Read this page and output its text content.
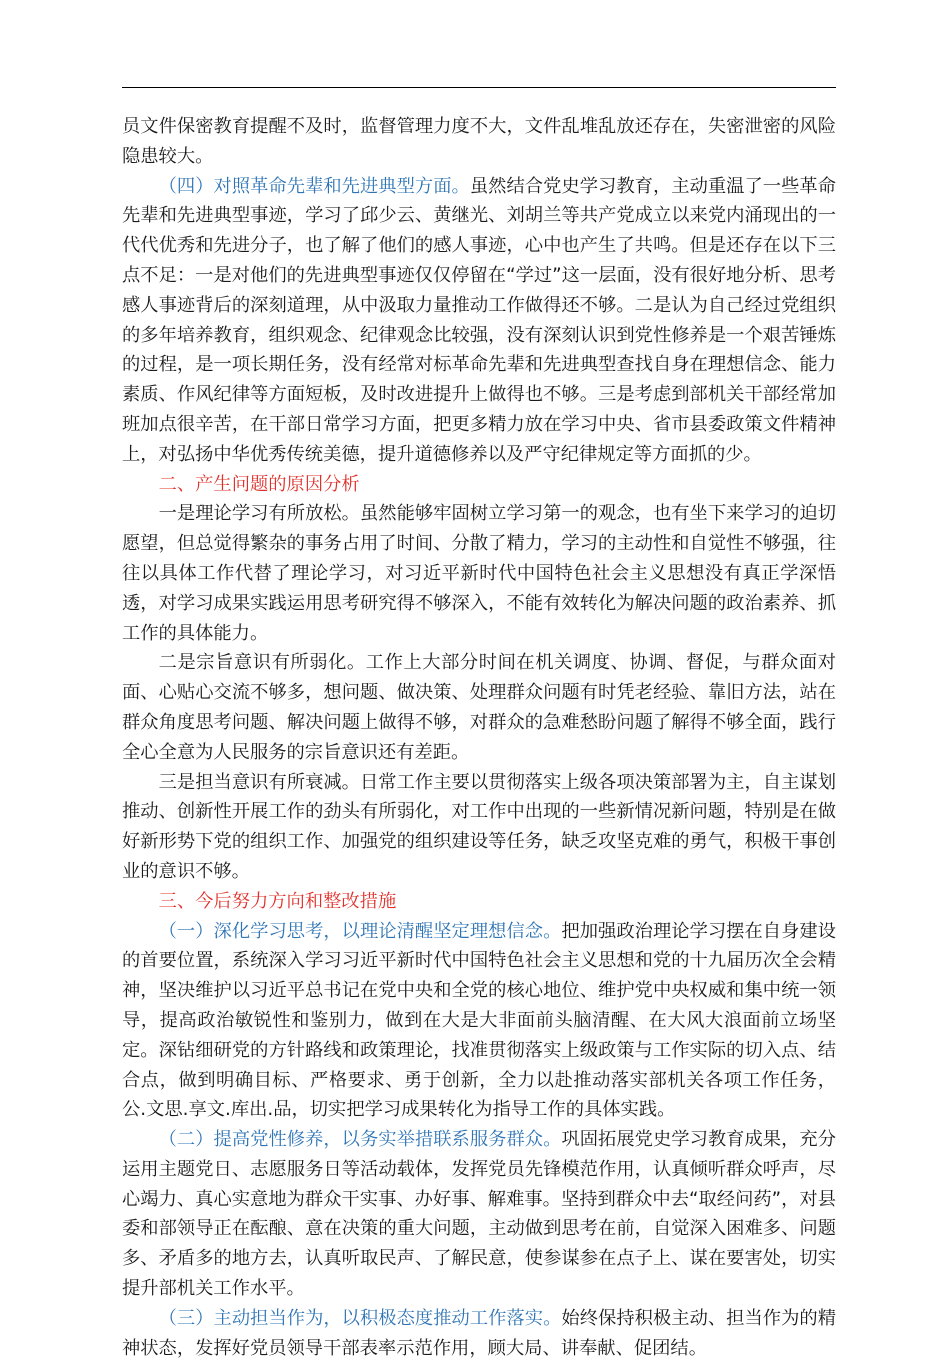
员文件保密教育提醒不及时，监督管理力度不大，文件乱堆乱放还存在，失密泄密的风险隐患较大。

（四）对照革命先辈和先进典型方面。虽然结合党史学习教育，主动重温了一些革命先辈和先进典型事迹，学习了邱少云、黄继光、刘胡兰等共产党成立以来党内涌现出的一代代优秀和先进分子，也了解了他们的感人事迹，心中也产生了共鸣。但是还存在以下三点不足：一是对他们的先进典型事迹仅仅停留在“学过”这一层面，没有很好地分析、思考感人事迹背后的深刻道理，从中汲取力量推动工作做得还不够。二是认为自己经过党组织的多年培养教育，组织观念、纪律观念比较强，没有深刻认识到党性修养是一个艰苦锤炼的过程，是一项长期任务，没有经常对标革命先辈和先进典型查找自身在理想信念、能力素质、作风纪律等方面短板，及时改进提升上做得也不够。三是考虑到部机关干部经常加班加点很辛苦，在干部日常学习方面，把更多精力放在学习中央、省市县委政策文件精神上，对弘扬中华优秀传统美德，提升道德修养以及严守纪律规定等方面抓的少。

二、产生问题的原因分析

一是理论学习有所放松。虽然能够牢固树立学习第一的观念，也有坐下来学习的迫切愿望，但总觉得繁杂的事务占用了时间、分散了精力，学习的主动性和自觉性不够强，往往以具体工作代替了理论学习，对习近平新时代中国特色社会主义思想没有真正学深悟透，对学习成果实践运用思考研究得不够深入，不能有效转化为解决问题的政治素养、抓工作的具体能力。

二是宗旨意识有所弱化。工作上大部分时间在机关调度、协调、督促，与群众面对面、心贴心交流不够多，想问题、做决策、处理群众问题有时凭老经验、靠旧方法，站在群众角度思考问题、解决问题上做得不够，对群众的急难愁盼问题了解得不够全面，践行全心全意为人民服务的宗旨意识还有差距。

三是担当意识有所衰减。日常工作主要以贯彻落实上级各项决策部署为主，自主谋划推动、创新性开展工作的劲头有所弱化，对工作中出现的一些新情况新问题，特别是在做好新形势下党的组织工作、加强党的组织建设等任务，缺乏攻坚克难的勇气，积极干事创业的意识不够。

三、今后努力方向和整改措施

（一）深化学习思考，以理论清醒坚定理想信念。把加强政治理论学习摆在自身建设的首要位置，系统深入学习习近平新时代中国特色社会主义思想和党的十九届历次全会精神，坚决维护以习近平总书记在党中央和全党的核心地位、维护党中央权威和集中统一领导，提高政治敏锐性和鉴别力，做到在大是大非面前头脑清醒、在大风大浪面前立场坚定。深钻细研党的方针路线和政策理论，找准贯彻落实上级政策与工作实际的切入点、结合点，做到明确目标、严格要求、勇于创新，全力以赴推动落实部机关各项工作任务，公.文思.享文.库出.品，切实把学习成果转化为指导工作的具体实践。

（二）提高党性修养，以务实举措联系服务群众。巩固拓展党史学习教育成果，充分运用主题党日、志愿服务日等活动载体，发挥党员先锋模范作用，认真倾听群众呼声，尽心竭力、真心实意地为群众干实事、办好事、解难事。坚持到群众中去“取经问药”，对县委和部领导正在酝酿、意在决策的重大问题，主动做到思考在前，自觉深入困难多、问题多、矛盾多的地方去，认真听取民声、了解民意，使参谋参在点子上、谋在要害处，切实提升部机关工作水平。

（三）主动担当作为，以积极态度推动工作落实。始终保持积极主动、担当作为的精神状态，发挥好党员领导干部表率示范作用，顾大局、讲奉献、促团结。
